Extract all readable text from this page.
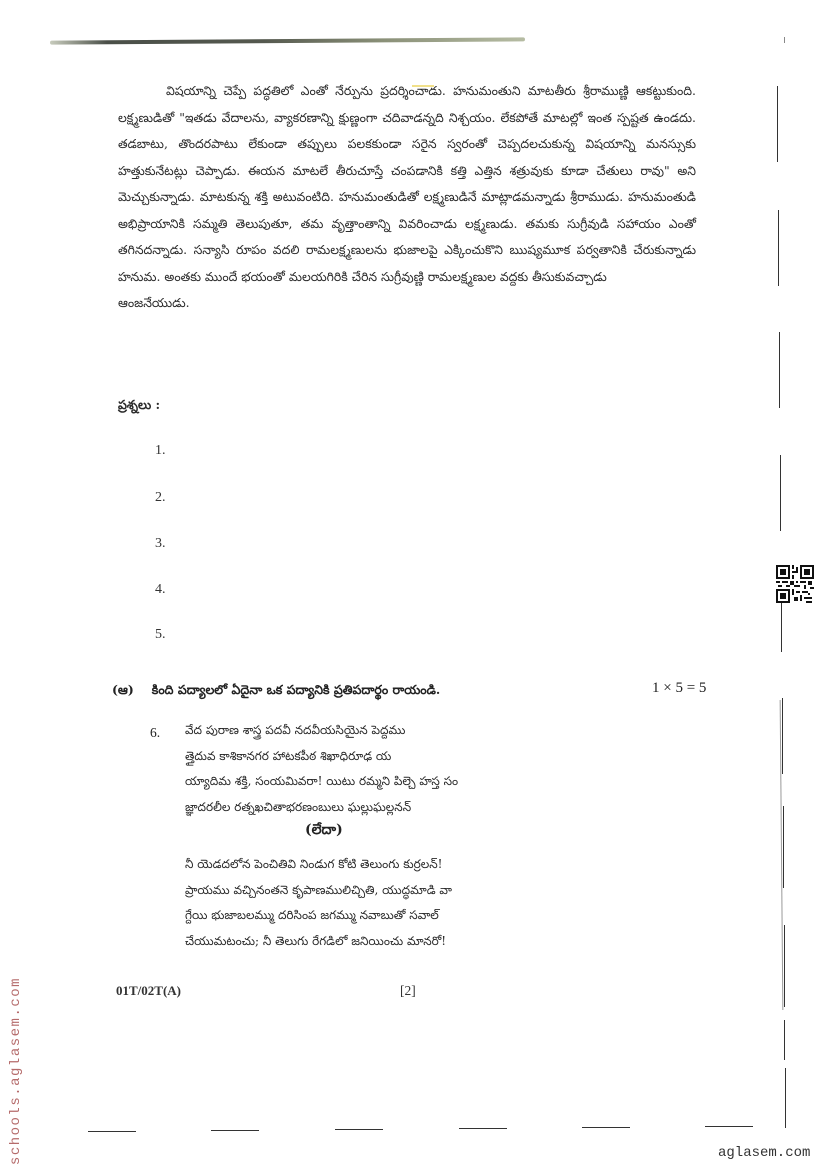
విషయాన్ని చెప్పే పద్ధతిలో ఎంతో నేర్పును ప్రదర్శించాడు. హనుమంతుని మాటతీరు శ్రీరాముణ్ణి ఆకట్టుకుంది. లక్ష్మణుడితో "ఇతడు వేదాలను, వ్యాకరణాన్ని క్షుణ్ణంగా చదివాడన్నది నిశ్చయం. లేకపోతే మాటల్లో ఇంత స్పష్టత ఉండదు. తడబాటు, తొందరపాటు లేకుండా తప్పులు పలకకుండా సరైన స్వరంతో చెప్పదలచుకున్న విషయాన్ని మనస్సుకు హత్తుకునేటట్లు చెప్పాడు. ఈయన మాటలే తీరుచూస్తే చంపడానికి కత్తి ఎత్తిన శత్రువుకు కూడా చేతులు రావు" అని మెచ్చుకున్నాడు. మాటకున్న శక్తి అటువంటిది. హనుమంతుడితో లక్ష్మణుడినే మాట్లాడమన్నాడు శ్రీరాముడు. హనుమంతుడి అభిప్రాయానికి సమ్మతి తెలుపుతూ, తమ వృత్తాంతాన్ని వివరించాడు లక్ష్మణుడు. తమకు సుగ్రీవుడి సహాయం ఎంతో తగినదన్నాడు. సన్యాసి రూపం వదలి రామలక్ష్మణులను భుజాలపై ఎక్కించుకొని ఋష్యమూక పర్వతానికి చేరుకున్నాడు హనుమ. అంతకు ముందే భయంతో మలయగిరికి చేరిన సుగ్రీవుణ్ణి రామలక్ష్మణుల వద్దకు తీసుకువచ్చాడు
ఆంజనేయుడు.
ప్రశ్నలు :
1.
2.
3.
4.
5.
(ఆ) కింది పద్యాలలో ఏదైనా ఒక పద్యానికి ప్రతిపదార్థం రాయండి.	1 × 5 = 5
6. వేద పురాణ శాస్త్ర పదవీ నదవీయసియైన పెద్దము
త్తైదువ కాశికానగర హాటకపీఠ శిఖాధిరూఢ య
య్యాదిమ శక్తి, సంయమివరా! యిటు రమ్మని పిల్చె హస్త సం
జ్ఞాదరలీల రత్నఖచితాభరణంబులు ఘల్లుఘల్లనన్
(లేదా)
నీ యెడదలోన పెంచితివి నిండుగ కోటి తెలుంగు కుర్రలన్!
ప్రాయము వచ్చినంతనె కృపాణములిచ్చితి, యుద్ధమాడి వా
గ్దేయి భుజాబలమ్ము దరిసింప జగమ్ము నవాబుతో సవాల్
చేయుమటంచు; నీ తెలుగు రేగడిలో జనియించు మానరో!
01T/02T(A)	[2]
schools.aglasem.com	aglasem.com
